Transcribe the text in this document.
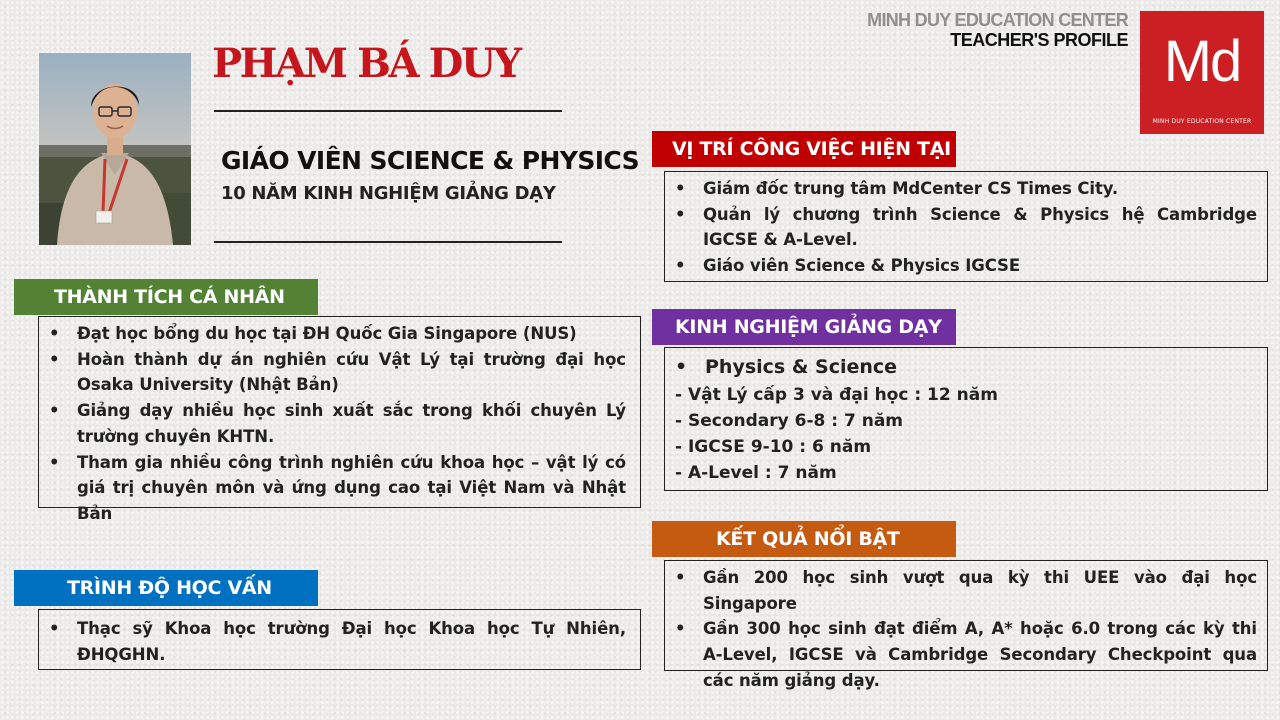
MINH DUY EDUCATION CENTER
TEACHER'S PROFILE Md
MINH DUY EDUCATION CENTER
PHẠM BÁ DUY
GIÁO VIÊN SCIENCE & PHYSICS
10 NĂM KINH NGHIỆM GIẢNG DẠY
THÀNH TÍCH CÁ NHÂN
• Đạt học bổng du học tại ĐH Quốc Gia Singapore (NUS)
• Hoàn thành dự án nghiên cứu Vật Lý tại trường đại học Osaka University (Nhật Bản)
• Giảng dạy nhiều học sinh xuất sắc trong khối chuyên Lý trường chuyên KHTN.
• Tham gia nhiều công trình nghiên cứu khoa học – vật lý có giá trị chuyên môn và ứng dụng cao tại Việt Nam và Nhật Bản
TRÌNH ĐỘ HỌC VẤN
• Thạc sỹ Khoa học trường Đại học Khoa học Tự Nhiên, ĐHQGHN.
VỊ TRÍ CÔNG VIỆC HIỆN TẠI
• Giám đốc trung tâm MdCenter CS Times City.
• Quản lý chương trình Science & Physics hệ Cambridge IGCSE & A-Level.
• Giáo viên Science & Physics IGCSE
KINH NGHIỆM GIẢNG DẠY
• Physics & Science
- Vật Lý cấp 3 và đại học : 12 năm
- Secondary 6-8 : 7 năm
- IGCSE 9-10 : 6 năm
- A-Level : 7 năm
KẾT QUẢ NỔI BẬT
• Gần 200 học sinh vượt qua kỳ thi UEE vào đại học Singapore
• Gần 300 học sinh đạt điểm A, A* hoặc 6.0 trong các kỳ thi A-Level, IGCSE và Cambridge Secondary Checkpoint qua các năm giảng dạy.
